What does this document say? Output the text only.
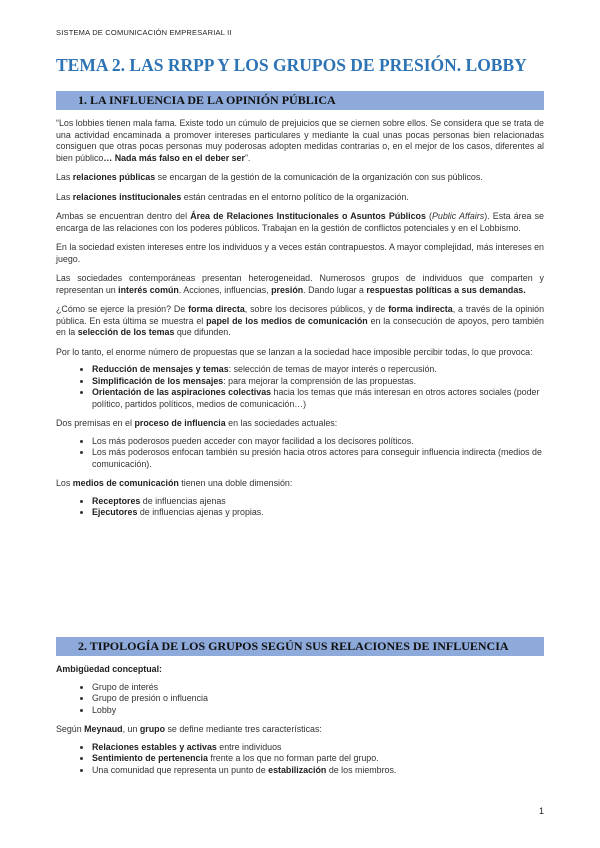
SISTEMA DE COMUNICACIÓN EMPRESARIAL II
TEMA 2. LAS RRPP Y LOS GRUPOS DE PRESIÓN. LOBBY
1. LA INFLUENCIA DE LA OPINIÓN PÚBLICA

“Los lobbies tienen mala fama. Existe todo un cúmulo de prejuicios que se ciernen sobre ellos. Se considera que se trata de una actividad encaminada a promover intereses particulares y mediante la cual unas pocas personas bien relacionadas consiguen que otras pocas personas muy poderosas adopten medidas contrarias o, en el mejor de los casos, diferentes al bien público… Nada más falso en el deber ser”.

Las relaciones públicas se encargan de la gestión de la comunicación de la organización con sus públicos.

Las relaciones institucionales están centradas en el entorno político de la organización.

Ambas se encuentran dentro del Área de Relaciones Institucionales o Asuntos Públicos (Public Affairs). Esta área se encarga de las relaciones con los poderes públicos. Trabajan en la gestión de conflictos potenciales y en el Lobbismo.

En la sociedad existen intereses entre los individuos y a veces están contrapuestos. A mayor complejidad, más intereses en juego.

Las sociedades contemporáneas presentan heterogeneidad. Numerosos grupos de individuos que comparten y representan un interés común. Acciones, influencias, presión. Dando lugar a respuestas políticas a sus demandas.

¿Cómo se ejerce la presión? De forma directa, sobre los decisores públicos, y de forma indirecta, a través de la opinión pública. En esta última se muestra el papel de los medios de comunicación en la consecución de apoyos, pero también en la selección de los temas que difunden.

Por lo tanto, el enorme número de propuestas que se lanzan a la sociedad hace imposible percibir todas, lo que provoca:

• Reducción de mensajes y temas: selección de temas de mayor interés o repercusión.
• Simplificación de los mensajes: para mejorar la comprensión de las propuestas.
• Orientación de las aspiraciones colectivas hacia los temas que más interesan en otros actores sociales (poder político, partidos políticos, medios de comunicación…)

Dos premisas en el proceso de influencia en las sociedades actuales:

• Los más poderosos pueden acceder con mayor facilidad a los decisores políticos.
• Los más poderosos enfocan también su presión hacia otros actores para conseguir influencia indirecta (medios de comunicación).

Los medios de comunicación tienen una doble dimensión:

• Receptores de influencias ajenas
• Ejecutores de influencias ajenas y propias.
2. TIPOLOGÍA DE LOS GRUPOS SEGÚN SUS RELACIONES DE INFLUENCIA

Ambigüedad conceptual:

• Grupo de interés
• Grupo de presión o influencia
• Lobby

Según Meynaud, un grupo se define mediante tres características:

• Relaciones estables y activas entre individuos
• Sentimiento de pertenencia frente a los que no forman parte del grupo.
• Una comunidad que representa un punto de estabilización de los miembros.
1
